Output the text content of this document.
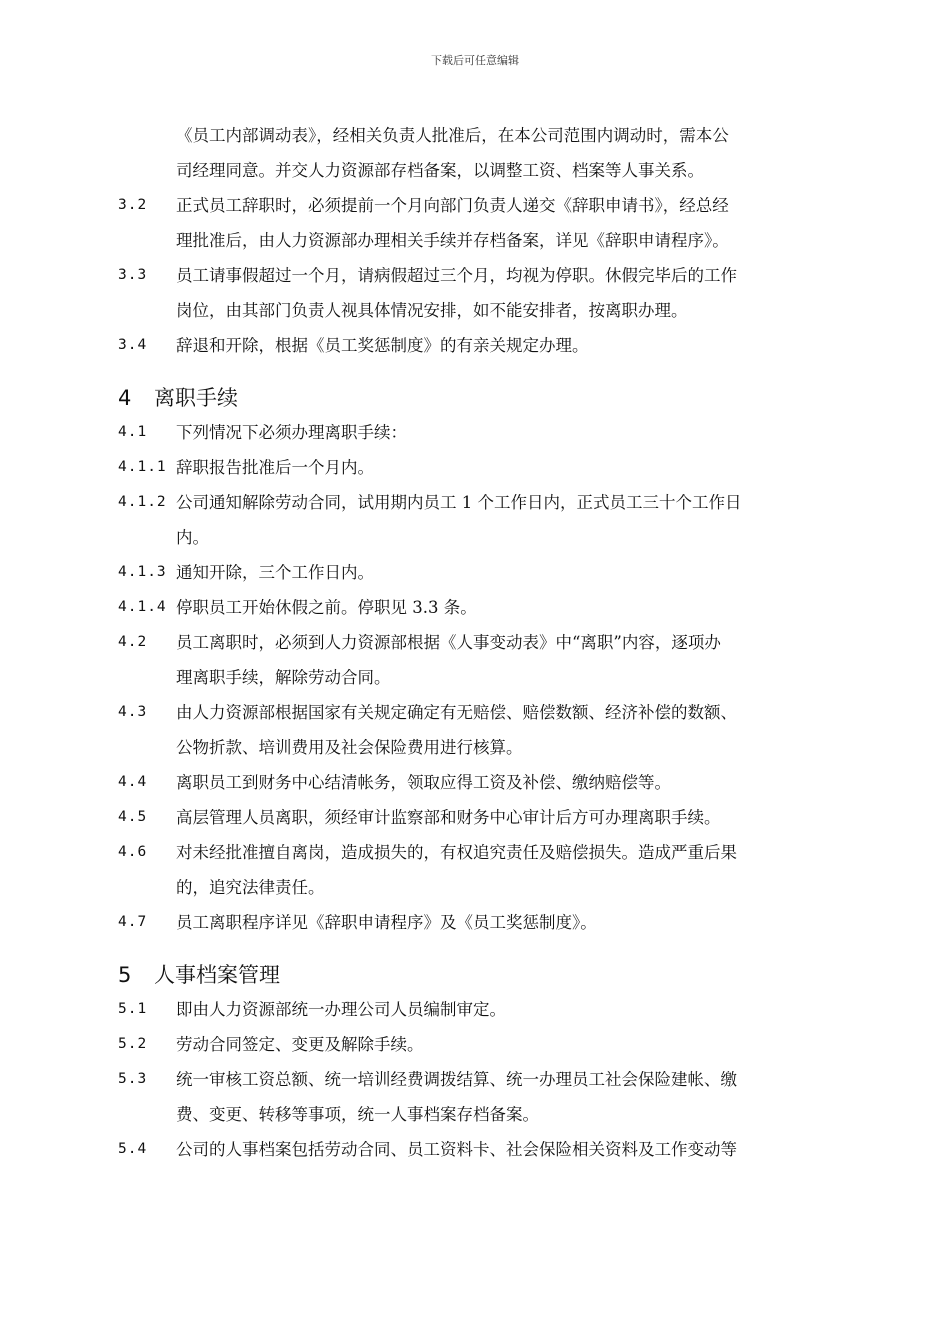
下载后可任意编辑
《员工内部调动表》，经相关负责人批准后，在本公司范围内调动时，需本公
司经理同意。并交人力资源部存档备案，以调整工资、档案等人事关系。
3.2	正式员工辞职时，必须提前一个月向部门负责人递交《辞职申请书》，经总经
理批准后，由人力资源部办理相关手续并存档备案，详见《辞职申请程序》。
3.3	员工请事假超过一个月，请病假超过三个月，均视为停职。休假完毕后的工作
岗位，由其部门负责人视具体情况安排，如不能安排者，按离职办理。
3.4	辞退和开除，根据《员工奖惩制度》的有亲关规定办理。
4	离职手续
4.1	下列情况下必须办理离职手续：
4.1.1 辞职报告批准后一个月内。
4.1.2 公司通知解除劳动合同，试用期内员工 1 个工作日内，正式员工三十个工作日
内。
4.1.3 通知开除，三个工作日内。
4.1.4 停职员工开始休假之前。停职见 3.3 条。
4.2	员工离职时，必须到人力资源部根据《人事变动表》中“离职”内容，逐项办
理离职手续，解除劳动合同。
4.3	由人力资源部根据国家有关规定确定有无赔偿、赔偿数额、经济补偿的数额、
公物折款、培训费用及社会保险费用进行核算。
4.4	离职员工到财务中心结清帐务，领取应得工资及补偿、缴纳赔偿等。
4.5	高层管理人员离职，须经审计监察部和财务中心审计后方可办理离职手续。
4.6	对未经批准擅自离岗，造成损失的，有权追究责任及赔偿损失。造成严重后果
的，追究法律责任。
4.7	员工离职程序详见《辞职申请程序》及《员工奖惩制度》。
5	人事档案管理
5.1	即由人力资源部统一办理公司人员编制审定。
5.2	劳动合同签定、变更及解除手续。
5.3	统一审核工资总额、统一培训经费调拨结算、统一办理员工社会保险建帐、缴
费、变更、转移等事项，统一人事档案存档备案。
5.4	公司的人事档案包括劳动合同、员工资料卡、社会保险相关资料及工作变动等
